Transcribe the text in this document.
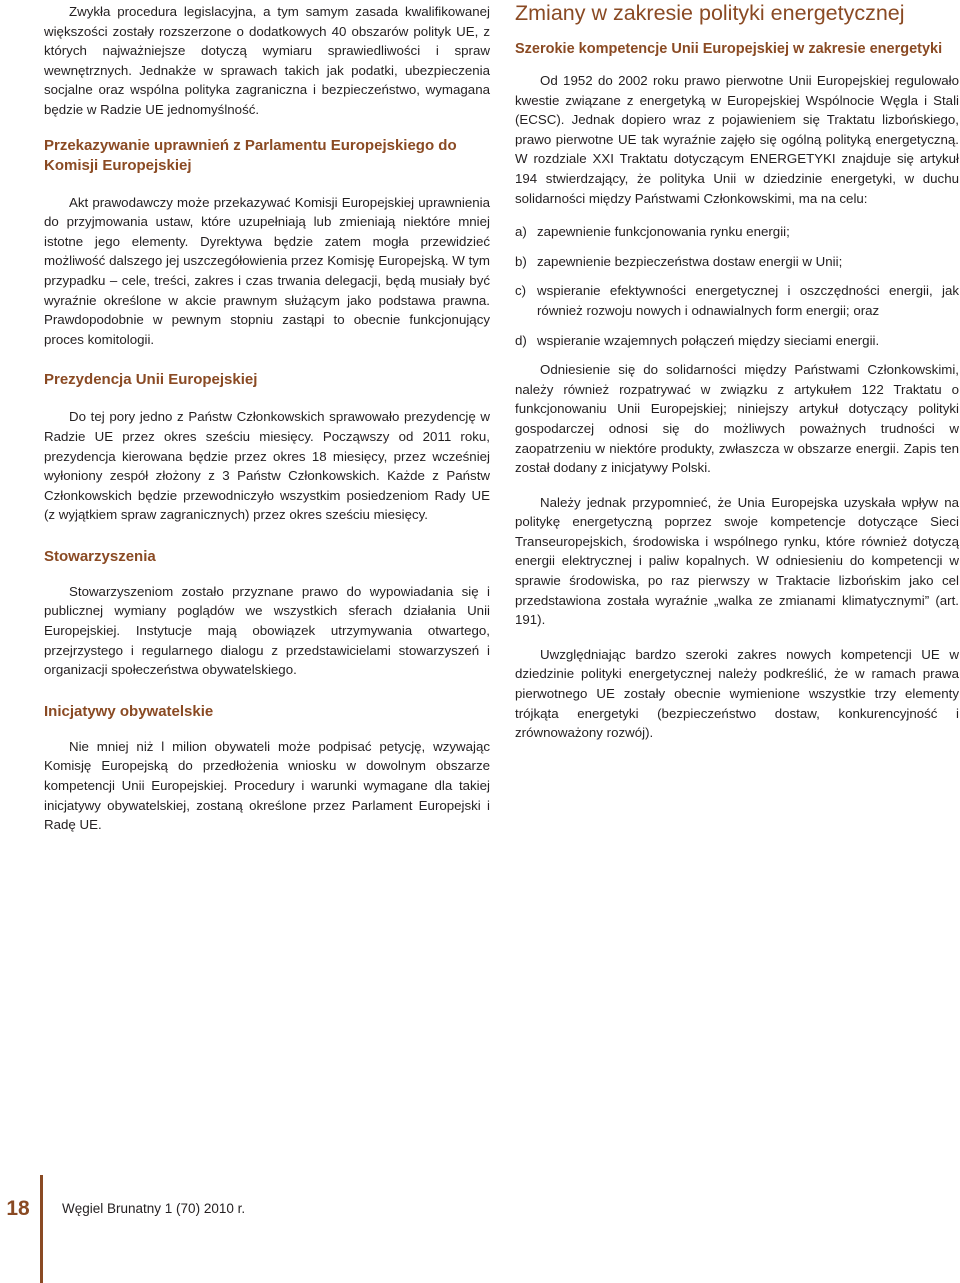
Zwykła procedura legislacyjna, a tym samym zasada kwalifikowanej większości zostały rozszerzone o dodatkowych 40 obszarów polityk UE, z których najważniejsze dotyczą wymiaru sprawiedliwości i spraw wewnętrznych. Jednakże w sprawach takich jak podatki, ubezpieczenia socjalne oraz wspólna polityka zagraniczna i bezpieczeństwo, wymagana będzie w Radzie UE jednomyślność.

Przekazywanie uprawnień z Parlamentu Europejskiego do Komisji Europejskiej

Akt prawodawczy może przekazywać Komisji Europejskiej uprawnienia do przyjmowania ustaw, które uzupełniają lub zmieniają niektóre mniej istotne jego elementy. Dyrektywa będzie zatem mogła przewidzieć możliwość dalszego jej uszczegółowienia przez Komisję Europejską. W tym przypadku – cele, treści, zakres i czas trwania delegacji, będą musiały być wyraźnie określone w akcie prawnym służącym jako podstawa prawna. Prawdopodobnie w pewnym stopniu zastąpi to obecnie funkcjonujący proces komitologii.

Prezydencja Unii Europejskiej

Do tej pory jedno z Państw Członkowskich sprawowało prezydencję w Radzie UE przez okres sześciu miesięcy. Począwszy od 2011 roku, prezydencja kierowana będzie przez okres 18 miesięcy, przez wcześniej wyłoniony zespół złożony z 3 Państw Członkowskich. Każde z Państw Członkowskich będzie przewodniczyło wszystkim posiedzeniom Rady UE (z wyjątkiem spraw zagranicznych) przez okres sześciu miesięcy.

Stowarzyszenia

Stowarzyszeniom zostało przyznane prawo do wypowiadania się i publicznej wymiany poglądów we wszystkich sferach działania Unii Europejskiej. Instytucje mają obowiązek utrzymywania otwartego, przejrzystego i regularnego dialogu z przedstawicielami stowarzyszeń i organizacji społeczeństwa obywatelskiego.

Inicjatywy obywatelskie

Nie mniej niż l milion obywateli może podpisać petycję, wzywając Komisję Europejską do przedłożenia wniosku w dowolnym obszarze kompetencji Unii Europejskiej. Procedury i warunki wymagane dla takiej inicjatywy obywatelskiej, zostaną określone przez Parlament Europejski i Radę UE.

Zmiany w zakresie polityki energetycznej
Szerokie kompetencje Unii Europejskiej w zakresie energetyki

Od 1952 do 2002 roku prawo pierwotne Unii Europejskiej regulowało kwestie związane z energetyką w Europejskiej Wspólnocie Węgla i Stali (ECSC). Jednak dopiero wraz z pojawieniem się Traktatu lizbońskiego, prawo pierwotne UE tak wyraźnie zajęło się ogólną polityką energetyczną. W rozdziale XXI Traktatu dotyczącym ENERGETYKI znajduje się artykuł 194 stwierdzający, że polityka Unii w dziedzinie energetyki, w duchu solidarności między Państwami Członkowskimi, ma na celu:

a) zapewnienie funkcjonowania rynku energii;
b) zapewnienie bezpieczeństwa dostaw energii w Unii;
c) wspieranie efektywności energetycznej i oszczędności energii, jak również rozwoju nowych i odnawialnych form energii; oraz
d) wspieranie wzajemnych połączeń między sieciami energii.

Odniesienie się do solidarności między Państwami Członkowskimi, należy również rozpatrywać w związku z artykułem 122 Traktatu o funkcjonowaniu Unii Europejskiej; niniejszy artykuł dotyczący polityki gospodarczej odnosi się do możliwych poważnych trudności w zaopatrzeniu w niektóre produkty, zwłaszcza w obszarze energii. Zapis ten został dodany z inicjatywy Polski.

Należy jednak przypomnieć, że Unia Europejska uzyskała wpływ na politykę energetyczną poprzez swoje kompetencje dotyczące Sieci Transeuropejskich, środowiska i wspólnego rynku, które również dotyczą energii elektrycznej i paliw kopalnych. W odniesieniu do kompetencji w sprawie środowiska, po raz pierwszy w Traktacie lizbońskim jako cel przedstawiona została wyraźnie „walka ze zmianami klimatycznymi” (art. 191).

Uwzględniając bardzo szeroki zakres nowych kompetencji UE w dziedzinie polityki energetycznej należy podkreślić, że w ramach prawa pierwotnego UE zostały obecnie wymienione wszystkie trzy elementy trójkąta energetyki (bezpieczeństwo dostaw, konkurencyjność i zrównoważony rozwój).

18	Węgiel Brunatny 1 (70) 2010 r.
